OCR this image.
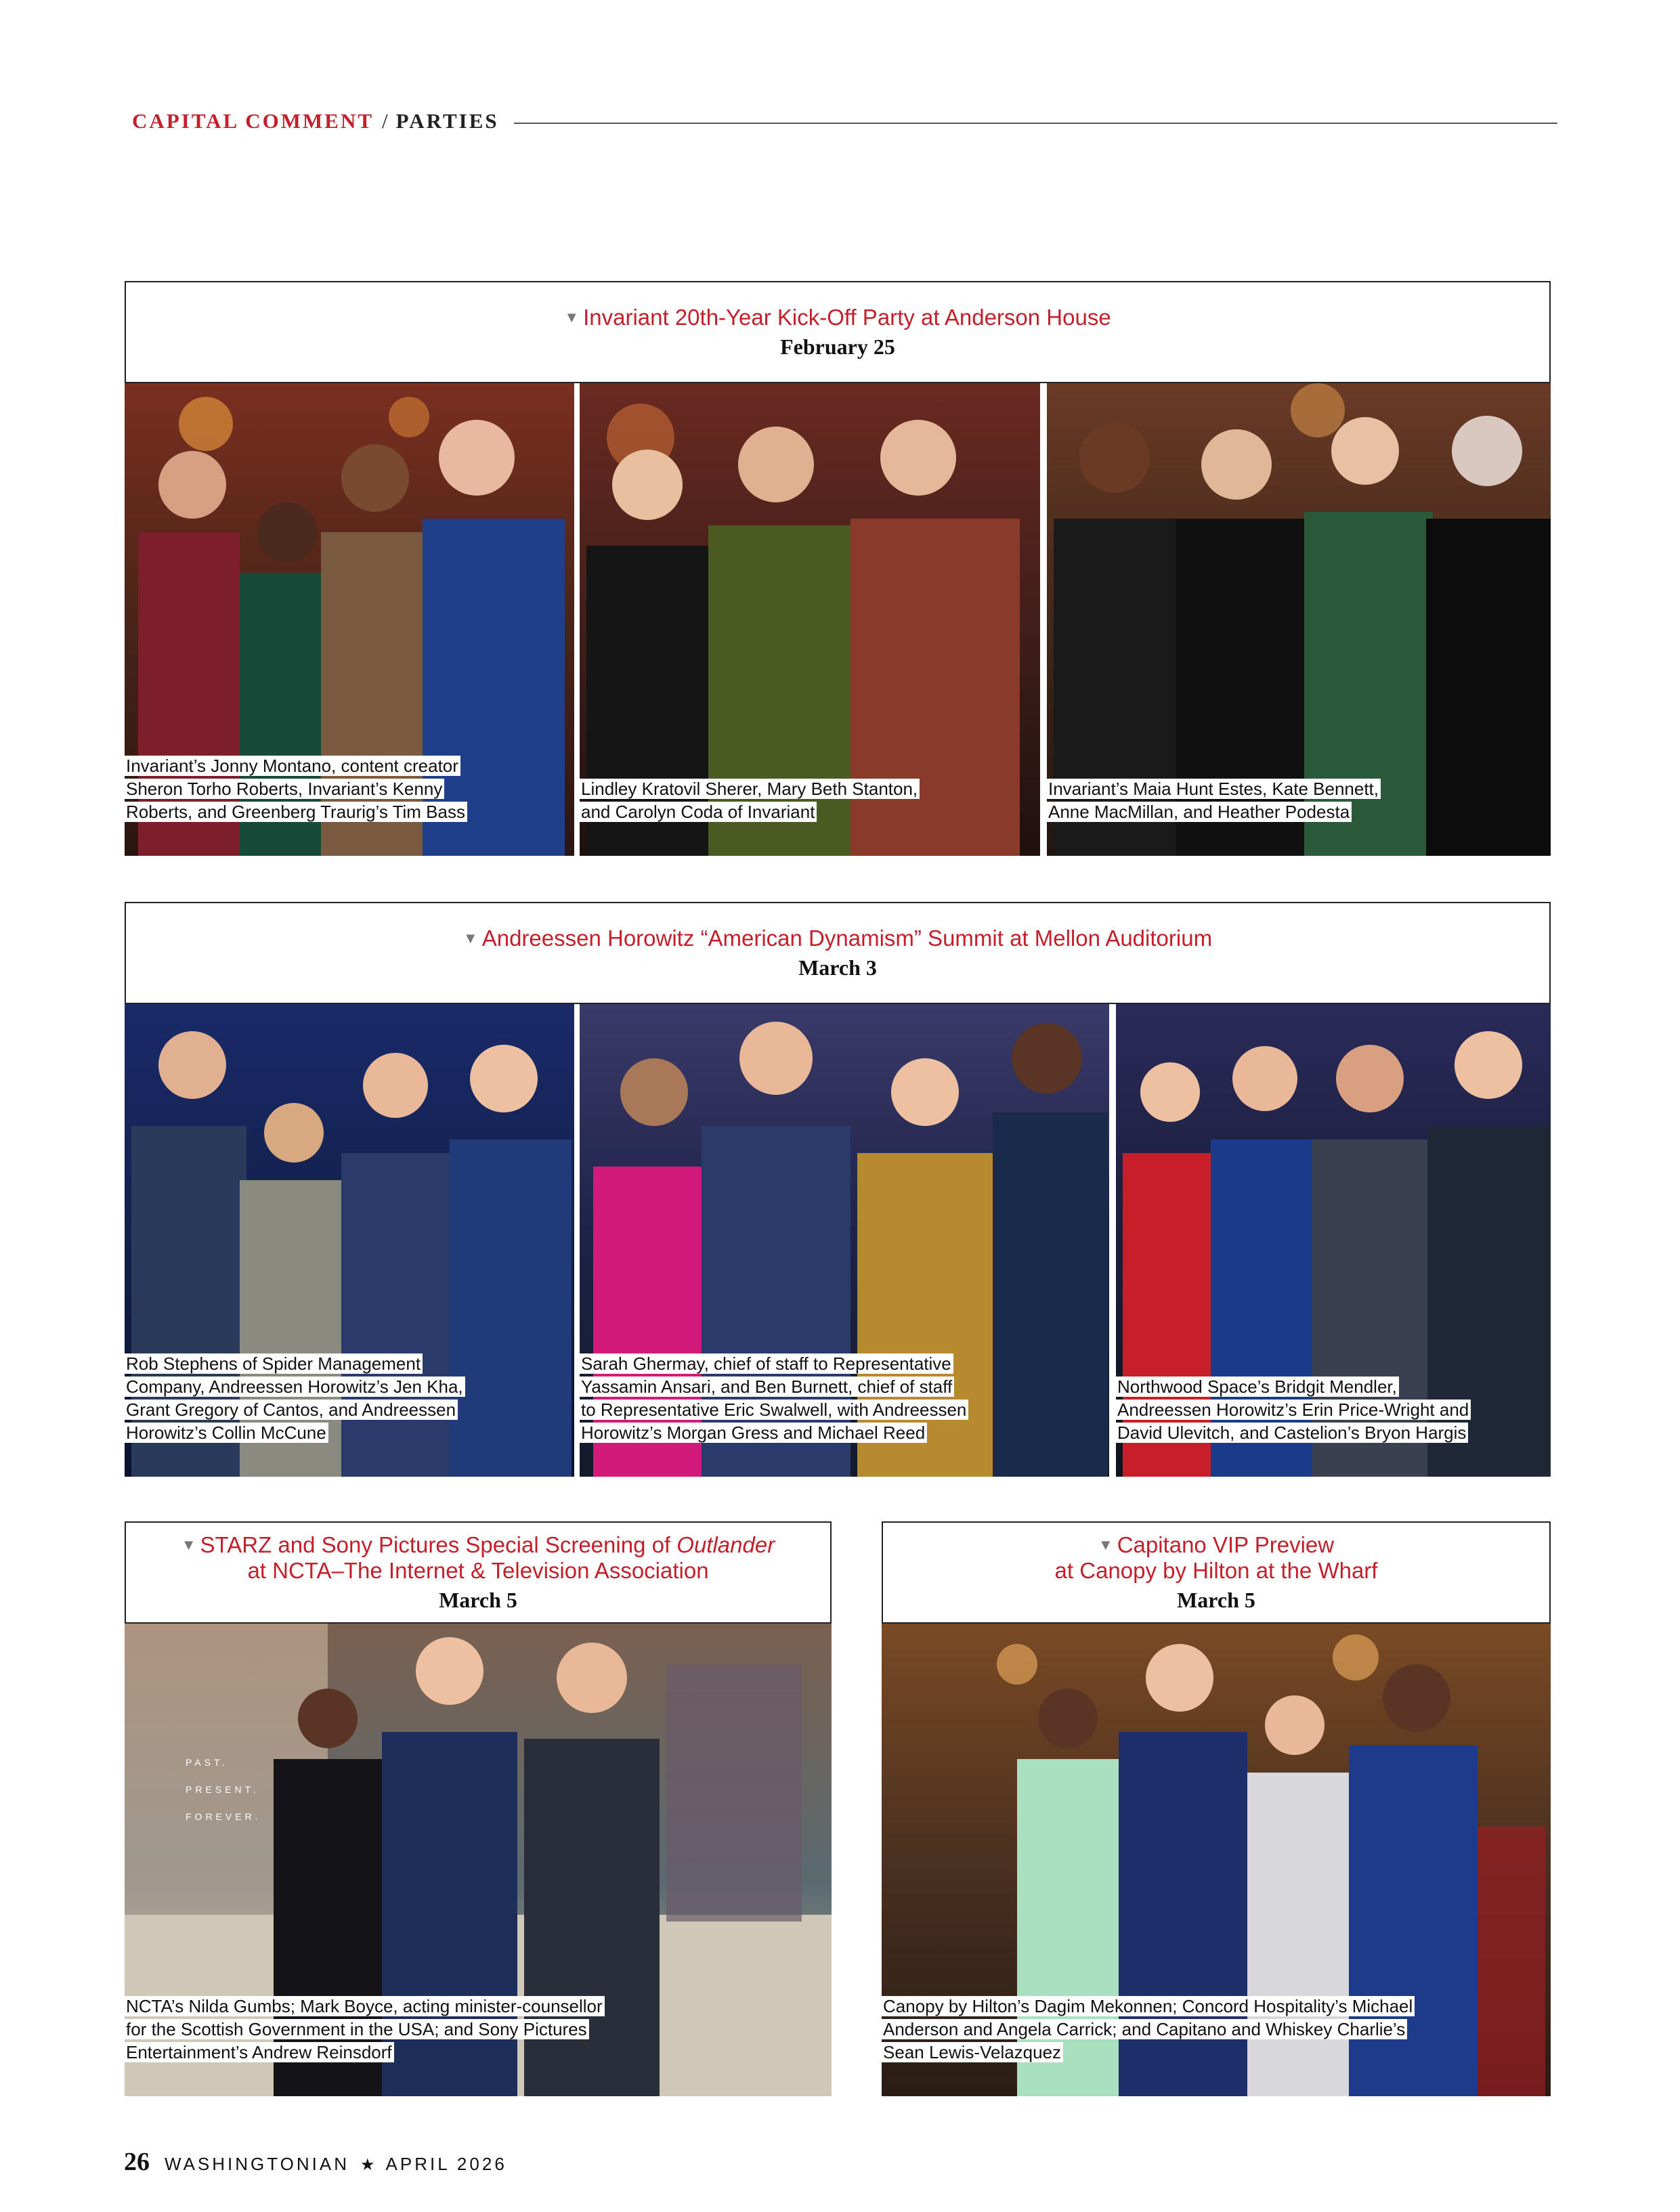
CAPITAL COMMENT / PARTIES
▼ Invariant 20th-Year Kick-Off Party at Anderson House
February 25
Invariant’s Jonny Montano, content creator
Sheron Torho Roberts, Invariant’s Kenny
Roberts, and Greenberg Traurig’s Tim Bass
Lindley Kratovil Sherer, Mary Beth Stanton,
and Carolyn Coda of Invariant
Invariant’s Maia Hunt Estes, Kate Bennett,
Anne MacMillan, and Heather Podesta
▼ Andreessen Horowitz “American Dynamism” Summit at Mellon Auditorium
March 3
Rob Stephens of Spider Management
Company, Andreessen Horowitz’s Jen Kha,
Grant Gregory of Cantos, and Andreessen
Horowitz’s Collin McCune
Sarah Ghermay, chief of staff to Representative
Yassamin Ansari, and Ben Burnett, chief of staff
to Representative Eric Swalwell, with Andreessen
Horowitz’s Morgan Gress and Michael Reed
Northwood Space’s Bridgit Mendler,
Andreessen Horowitz’s Erin Price-Wright and
David Ulevitch, and Castelion’s Bryon Hargis
▼ STARZ and Sony Pictures Special Screening of Outlander
at NCTA–The Internet & Television Association
March 5
PAST.
PRESENT.
FOREVER.
NCTA’s Nilda Gumbs; Mark Boyce, acting minister-counsellor
for the Scottish Government in the USA; and Sony Pictures
Entertainment’s Andrew Reinsdorf
▼ Capitano VIP Preview
at Canopy by Hilton at the Wharf
March 5
Canopy by Hilton’s Dagim Mekonnen; Concord Hospitality’s Michael
Anderson and Angela Carrick; and Capitano and Whiskey Charlie’s
Sean Lewis-Velazquez
26 WASHINGTONIAN ★ APRIL 2026
